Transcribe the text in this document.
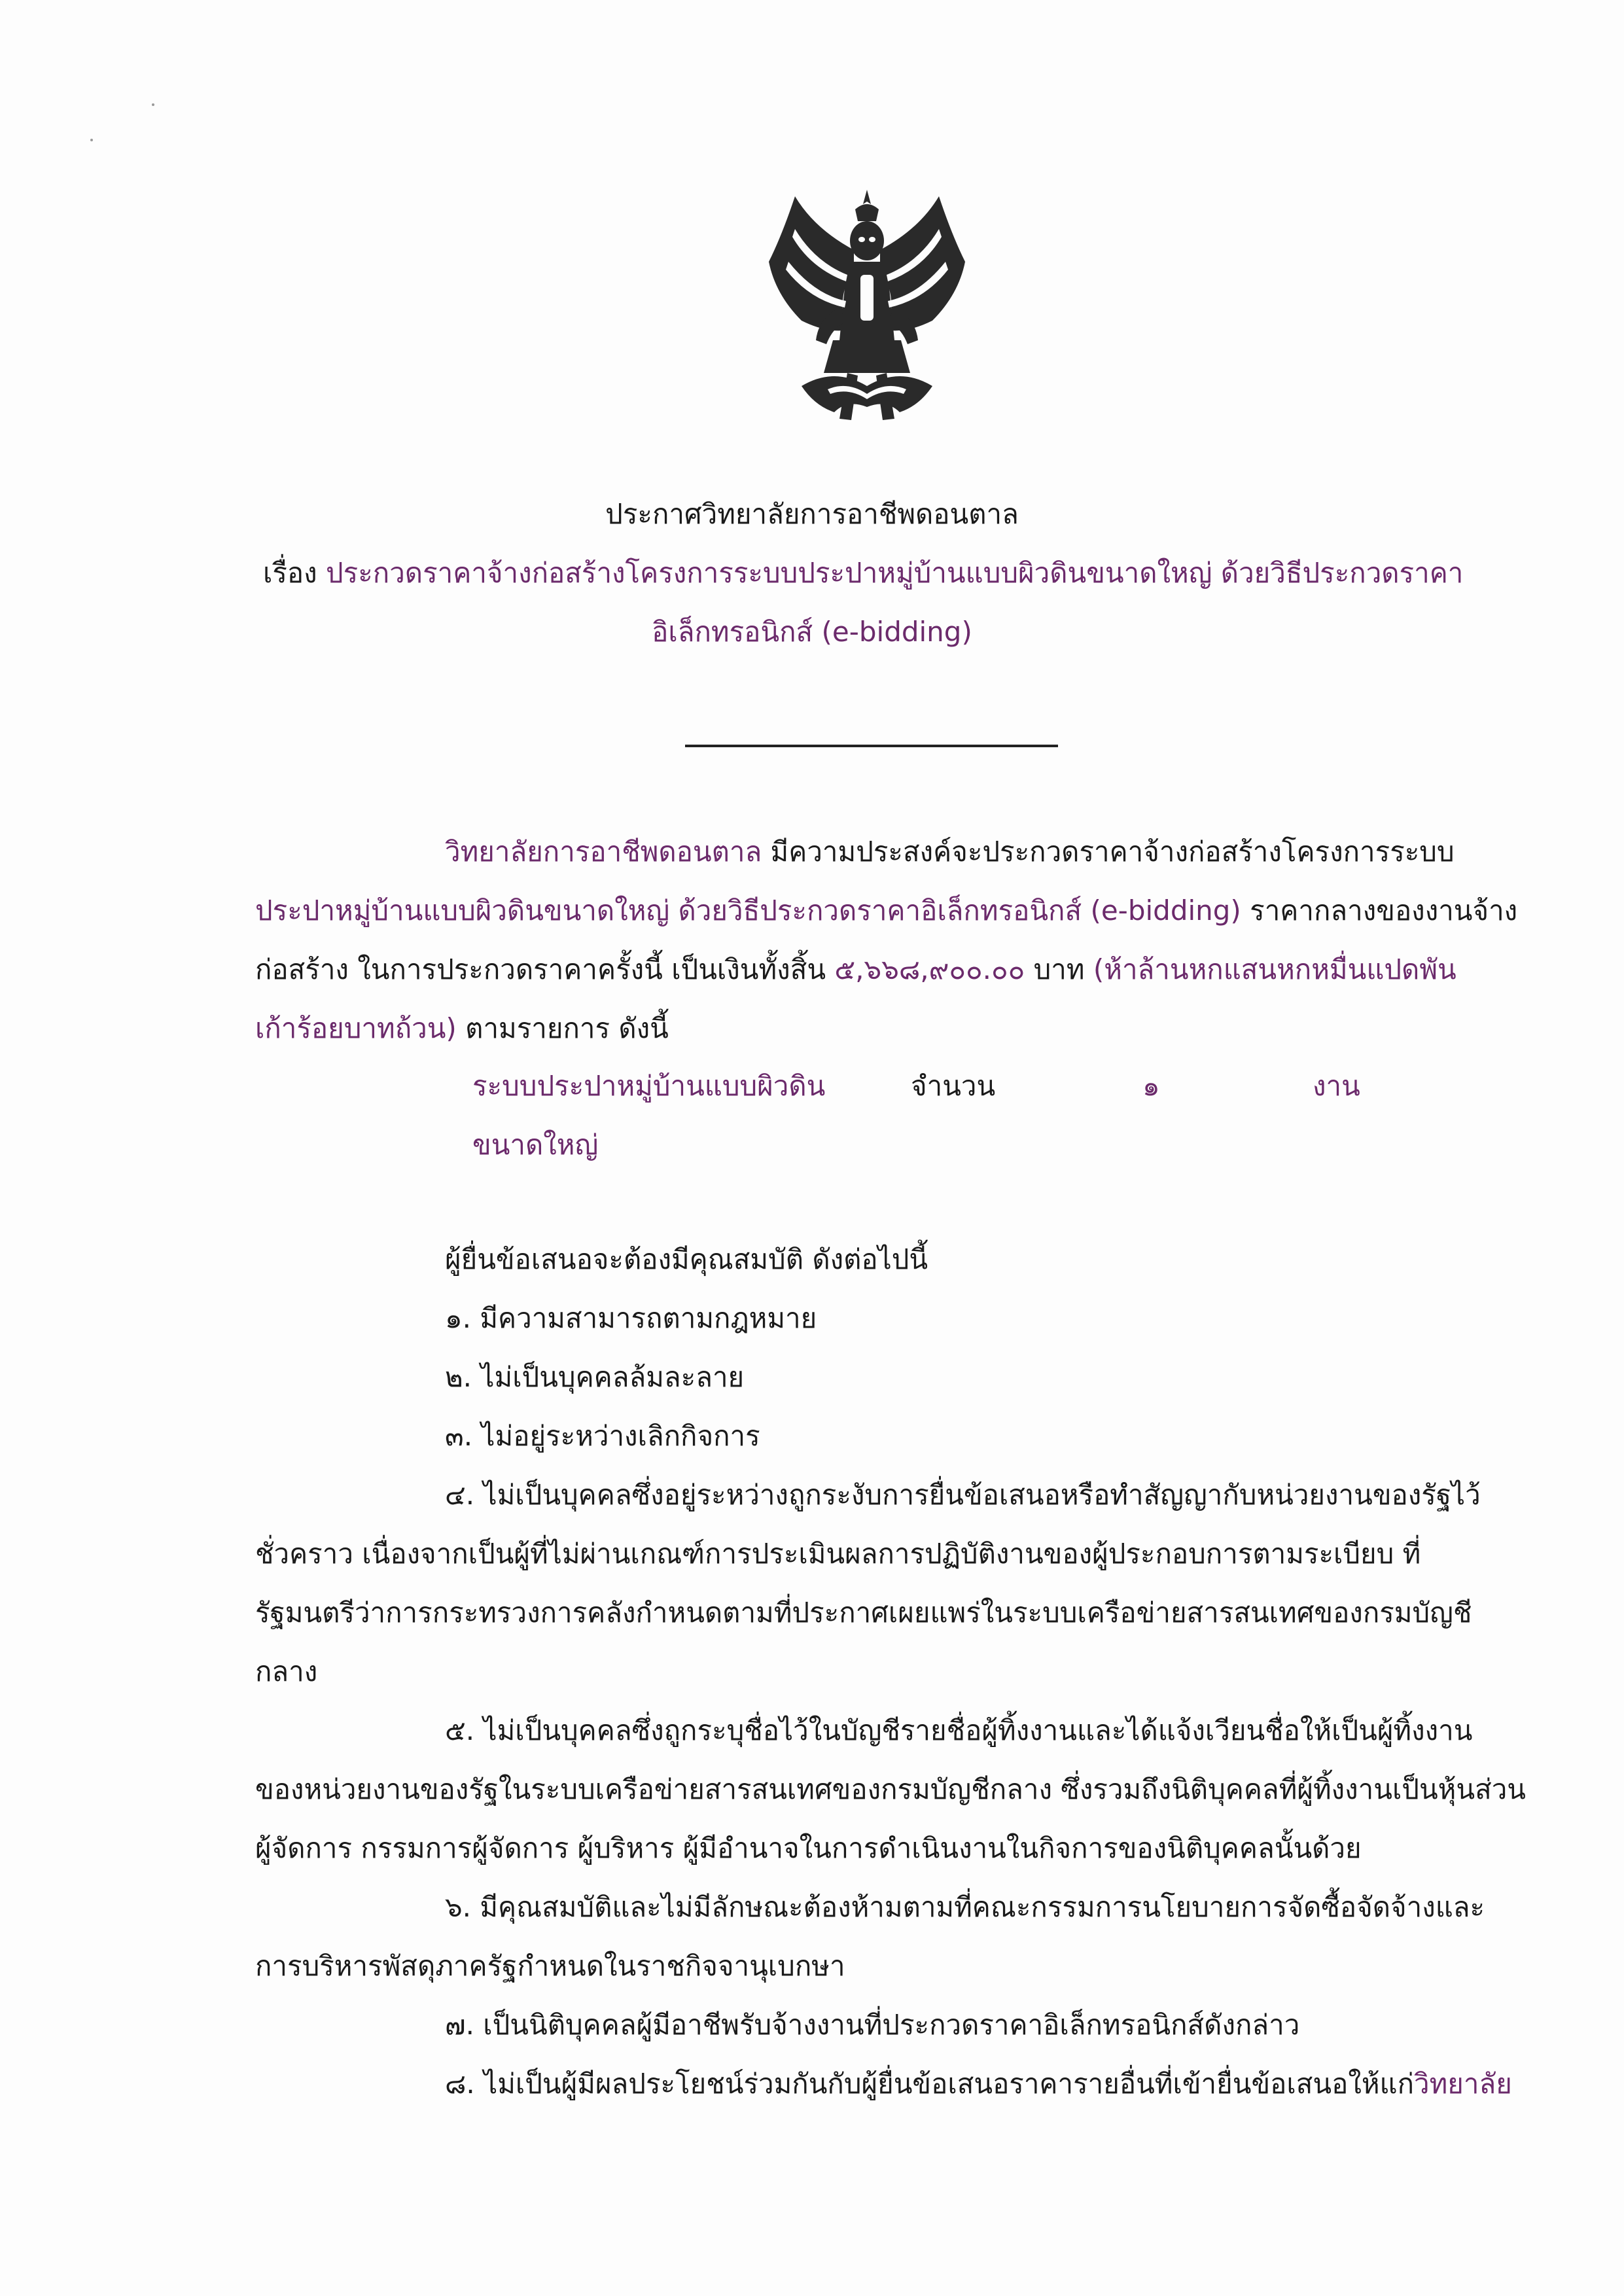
ประกาศวิทยาลัยการอาชีพดอนตาล
เรื่อง ประกวดราคาจ้างก่อสร้างโครงการระบบประปาหมู่บ้านแบบผิวดินขนาดใหญ่ ด้วยวิธีประกวดราคา
อิเล็กทรอนิกส์ (e-bidding)
วิทยาลัยการอาชีพดอนตาล มีความประสงค์จะประกวดราคาจ้างก่อสร้างโครงการระบบ
ประปาหมู่บ้านแบบผิวดินขนาดใหญ่ ด้วยวิธีประกวดราคาอิเล็กทรอนิกส์ (e-bidding) ราคากลางของงานจ้าง
ก่อสร้าง ในการประกวดราคาครั้งนี้ เป็นเงินทั้งสิ้น ๕,๖๖๘,๙๐๐.๐๐ บาท (ห้าล้านหกแสนหกหมื่นแปดพัน
เก้าร้อยบาทถ้วน) ตามรายการ ดังนี้
ระบบประปาหมู่บ้านแบบผิวดิน	จำนวน	๑	งาน
ขนาดใหญ่
ผู้ยื่นข้อเสนอจะต้องมีคุณสมบัติ ดังต่อไปนี้
๑. มีความสามารถตามกฎหมาย
๒. ไม่เป็นบุคคลล้มละลาย
๓. ไม่อยู่ระหว่างเลิกกิจการ
๔. ไม่เป็นบุคคลซึ่งอยู่ระหว่างถูกระงับการยื่นข้อเสนอหรือทำสัญญากับหน่วยงานของรัฐไว้
ชั่วคราว เนื่องจากเป็นผู้ที่ไม่ผ่านเกณฑ์การประเมินผลการปฏิบัติงานของผู้ประกอบการตามระเบียบ ที่
รัฐมนตรีว่าการกระทรวงการคลังกำหนดตามที่ประกาศเผยแพร่ในระบบเครือข่ายสารสนเทศของกรมบัญชี
กลาง
๕. ไม่เป็นบุคคลซึ่งถูกระบุชื่อไว้ในบัญชีรายชื่อผู้ทิ้งงานและได้แจ้งเวียนชื่อให้เป็นผู้ทิ้งงาน
ของหน่วยงานของรัฐในระบบเครือข่ายสารสนเทศของกรมบัญชีกลาง ซึ่งรวมถึงนิติบุคคลที่ผู้ทิ้งงานเป็นหุ้นส่วน
ผู้จัดการ กรรมการผู้จัดการ ผู้บริหาร ผู้มีอำนาจในการดำเนินงานในกิจการของนิติบุคคลนั้นด้วย
๖. มีคุณสมบัติและไม่มีลักษณะต้องห้ามตามที่คณะกรรมการนโยบายการจัดซื้อจัดจ้างและ
การบริหารพัสดุภาครัฐกำหนดในราชกิจจานุเบกษา
๗. เป็นนิติบุคคลผู้มีอาชีพรับจ้างงานที่ประกวดราคาอิเล็กทรอนิกส์ดังกล่าว
๘. ไม่เป็นผู้มีผลประโยชน์ร่วมกันกับผู้ยื่นข้อเสนอราคารายอื่นที่เข้ายื่นข้อเสนอให้แก่วิทยาลัย
